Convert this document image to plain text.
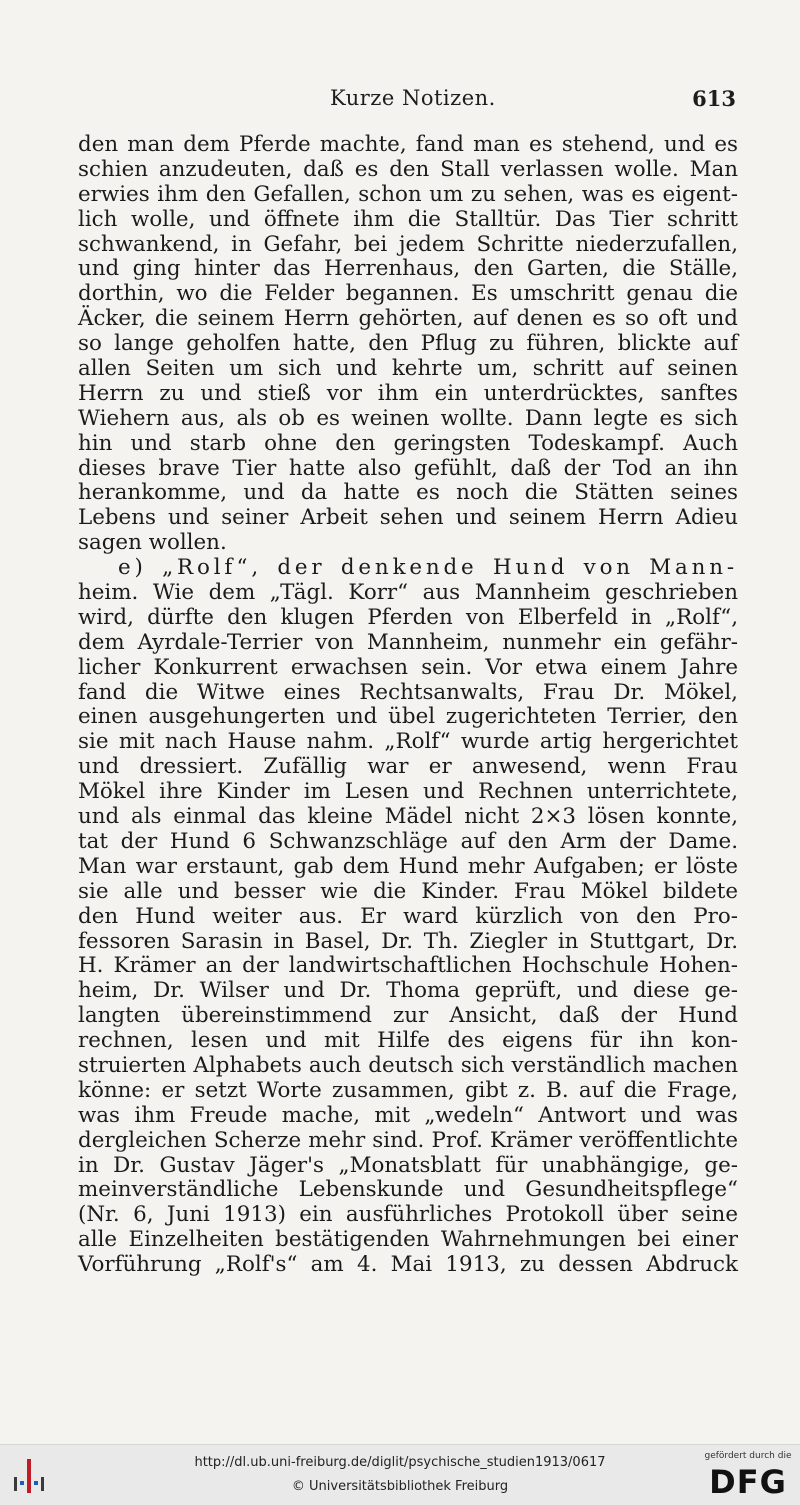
Kurze Notizen.	613
den man dem Pferde machte, fand man es stehend, und es
schien anzudeuten, daß es den Stall verlassen wolle. Man
erwies ihm den Gefallen, schon um zu sehen, was es eigent-
lich wolle, und öffnete ihm die Stalltür. Das Tier schritt
schwankend, in Gefahr, bei jedem Schritte niederzufallen,
und ging hinter das Herrenhaus, den Garten, die Ställe,
dorthin, wo die Felder begannen. Es umschritt genau die
Äcker, die seinem Herrn gehörten, auf denen es so oft und
so lange geholfen hatte, den Pflug zu führen, blickte auf
allen Seiten um sich und kehrte um, schritt auf seinen
Herrn zu und stieß vor ihm ein unterdrücktes, sanftes
Wiehern aus, als ob es weinen wollte. Dann legte es sich
hin und starb ohne den geringsten Todeskampf. Auch
dieses brave Tier hatte also gefühlt, daß der Tod an ihn
herankomme, und da hatte es noch die Stätten seines
Lebens und seiner Arbeit sehen und seinem Herrn Adieu
sagen wollen.
e) „Rolf“, der denkende Hund von Mann-
heim. Wie dem „Tägl. Korr“ aus Mannheim geschrieben
wird, dürfte den klugen Pferden von Elberfeld in „Rolf“,
dem Ayrdale-Terrier von Mannheim, nunmehr ein gefähr-
licher Konkurrent erwachsen sein. Vor etwa einem Jahre
fand die Witwe eines Rechtsanwalts, Frau Dr. Mökel,
einen ausgehungerten und übel zugerichteten Terrier, den
sie mit nach Hause nahm. „Rolf“ wurde artig hergerichtet
und dressiert. Zufällig war er anwesend, wenn Frau
Mökel ihre Kinder im Lesen und Rechnen unterrichtete,
und als einmal das kleine Mädel nicht 2×3 lösen konnte,
tat der Hund 6 Schwanzschläge auf den Arm der Dame.
Man war erstaunt, gab dem Hund mehr Aufgaben; er löste
sie alle und besser wie die Kinder. Frau Mökel bildete
den Hund weiter aus. Er ward kürzlich von den Pro-
fessoren Sarasin in Basel, Dr. Th. Ziegler in Stuttgart, Dr.
H. Krämer an der landwirtschaftlichen Hochschule Hohen-
heim, Dr. Wilser und Dr. Thoma geprüft, und diese ge-
langten übereinstimmend zur Ansicht, daß der Hund
rechnen, lesen und mit Hilfe des eigens für ihn kon-
struierten Alphabets auch deutsch sich verständlich machen
könne: er setzt Worte zusammen, gibt z. B. auf die Frage,
was ihm Freude mache, mit „wedeln“ Antwort und was
dergleichen Scherze mehr sind. Prof. Krämer veröffentlichte
in Dr. Gustav Jäger's „Monatsblatt für unabhängige, ge-
meinverständliche Lebenskunde und Gesundheitspflege“
(Nr. 6, Juni 1913) ein ausführliches Protokoll über seine
alle Einzelheiten bestätigenden Wahrnehmungen bei einer
Vorführung „Rolf's“ am 4. Mai 1913, zu dessen Abdruck
http://dl.ub.uni-freiburg.de/diglit/psychische_studien1913/0617
© Universitätsbibliothek Freiburg
gefördert durch die
DFG
